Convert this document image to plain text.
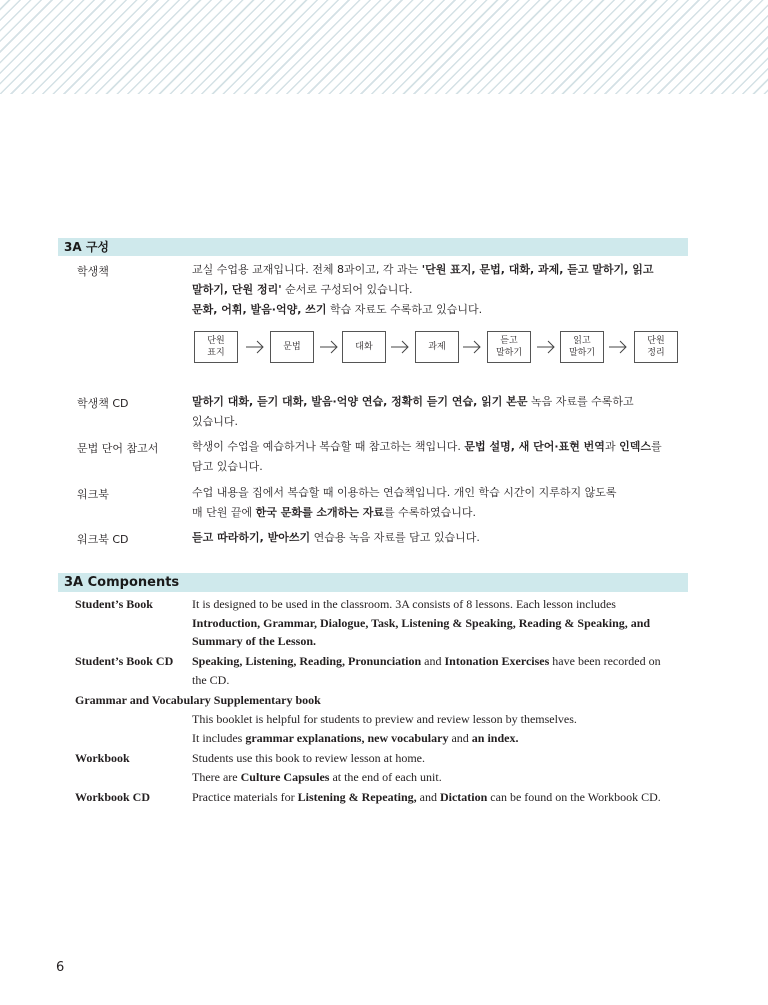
3A 구성
학생책	교실 수업용 교재입니다. 전체 8과이고, 각 과는 '단원 표지, 문법, 대화, 과제, 듣고 말하기, 읽고
말하기, 단원 정리' 순서로 구성되어 있습니다.
문화, 어휘, 발음·억양, 쓰기 학습 자료도 수록하고 있습니다.
단원
표지
문법	대화	과제
듣고
말하기
읽고
말하기
단원
정리
학생책 CD	말하기 대화, 듣기 대화, 발음·억양 연습, 정확히 듣기 연습, 읽기 본문 녹음 자료를 수록하고
있습니다.
문법 단어 참고서	학생이 수업을 예습하거나 복습할 때 참고하는 책입니다. 문법 설명, 새 단어·표현 번역과 인덱스를
담고 있습니다.
워크북	수업 내용을 집에서 복습할 때 이용하는 연습책입니다. 개인 학습 시간이 지루하지 않도록
매 단원 끝에 한국 문화를 소개하는 자료를 수록하였습니다.
워크북 CD	듣고 따라하기, 받아쓰기 연습용 녹음 자료를 담고 있습니다.
3A Components
Student’s Book	It is designed to be used in the classroom. 3A consists of 8 lessons. Each lesson includes
Introduction, Grammar, Dialogue, Task, Listening & Speaking, Reading & Speaking, and
Summary of the Lesson.
Student’s Book CD Speaking, Listening, Reading, Pronunciation and Intonation Exercises have been recorded on
the CD.
Grammar and Vocabulary Supplementary book
This booklet is helpful for students to preview and review lesson by themselves.
It includes grammar explanations, new vocabulary and an index.
Workbook	Students use this book to review lesson at home.
There are Culture Capsules at the end of each unit.
Workbook CD	Practice materials for Listening & Repeating, and Dictation can be found on the Workbook CD.
6
